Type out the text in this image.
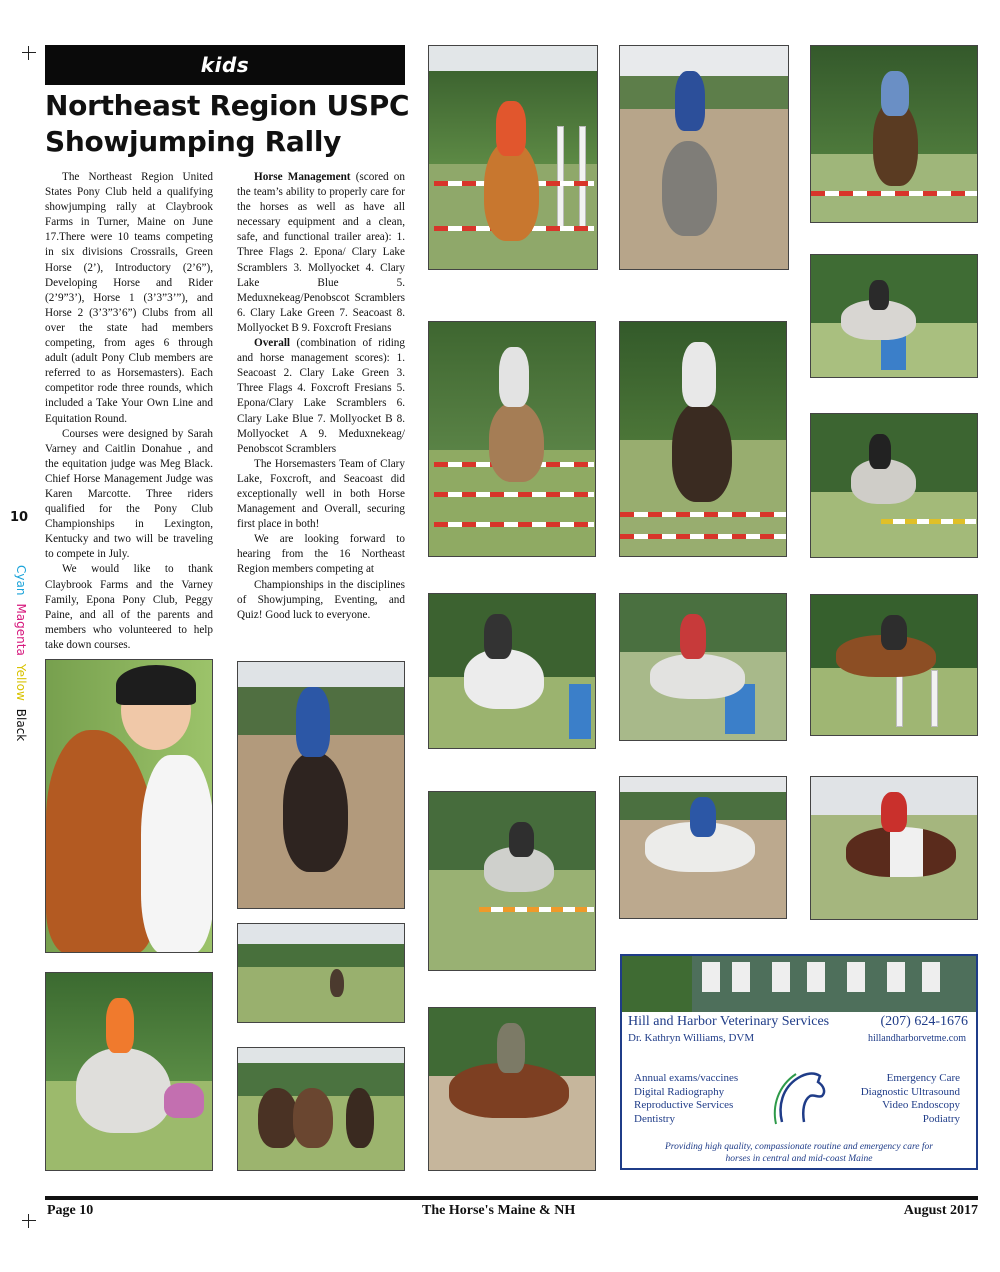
kids
Northeast Region USPC
Showjumping Rally

The Northeast Region United States Pony Club held a qualifying showjumping rally at Claybrook Farms in Turner, Maine on June 17.There were 10 teams competing in six divisions Crossrails, Green Horse (2’), Introductory (2’6”), Developing Horse and Rider (2’9”3’), Horse 1 (3’3”3’”), and Horse 2 (3’3”3’6”) Clubs from all over the state had members competing, from ages 6 through adult (adult Pony Club members are referred to as Horsemasters). Each competitor rode three rounds, which included a Take Your Own Line and Equitation Round.

Courses were designed by Sarah Varney and Caitlin Donahue , and the equitation judge was Meg Black. Chief Horse Management Judge was Karen Marcotte. Three riders qualified for the Pony Club Championships in Lexington, Kentucky and two will be traveling to compete in July.

We would like to thank Claybrook Farms and the Varney Family, Epona Pony Club, Peggy Paine, and all of the parents and members who volunteered to help take down courses.

Horse Management (scored on the team’s ability to properly care for the horses as well as have all necessary equipment and a clean, safe, and functional trailer area): 1. Three Flags 2. Epona/ Clary Lake Scramblers 3. Mollyocket 4. Clary Lake Blue 5. Meduxnekeag/Penobscot Scramblers 6. Clary Lake Green 7. Seacoast 8. Mollyocket B 9. Foxcroft Fresians

Overall (combination of riding and horse management scores): 1. Seacoast 2. Clary Lake Green 3. Three Flags 4. Foxcroft Fresians 5. Epona/Clary Lake Scramblers 6. Clary Lake Blue 7. Mollyocket B 8. Mollyocket A 9. Meduxnekeag/ Penobscot Scramblers

The Horsemasters Team of Clary Lake, Foxcroft, and Seacoast did exceptionally well in both Horse Management and Overall, securing first place in both!

We are looking forward to hearing from the 16 Northeast Region members competing at

Championships in the disciplines of Showjumping, Eventing, and Quiz! Good luck to everyone.

10
CyanMagentaYellowBlack
Hill and Harbor Veterinary Services	(207) 624-1676
Dr. Kathryn Williams, DVM	hillandharborvetme.com
Annual exams/vaccines
Digital Radiography
Reproductive Services
Dentistry
Emergency Care
Diagnostic Ultrasound
Video Endoscopy
Podiatry
Providing high quality, compassionate routine and emergency care for horses in central and mid-coast Maine
Page 10	The Horse's Maine & NH	August 2017
